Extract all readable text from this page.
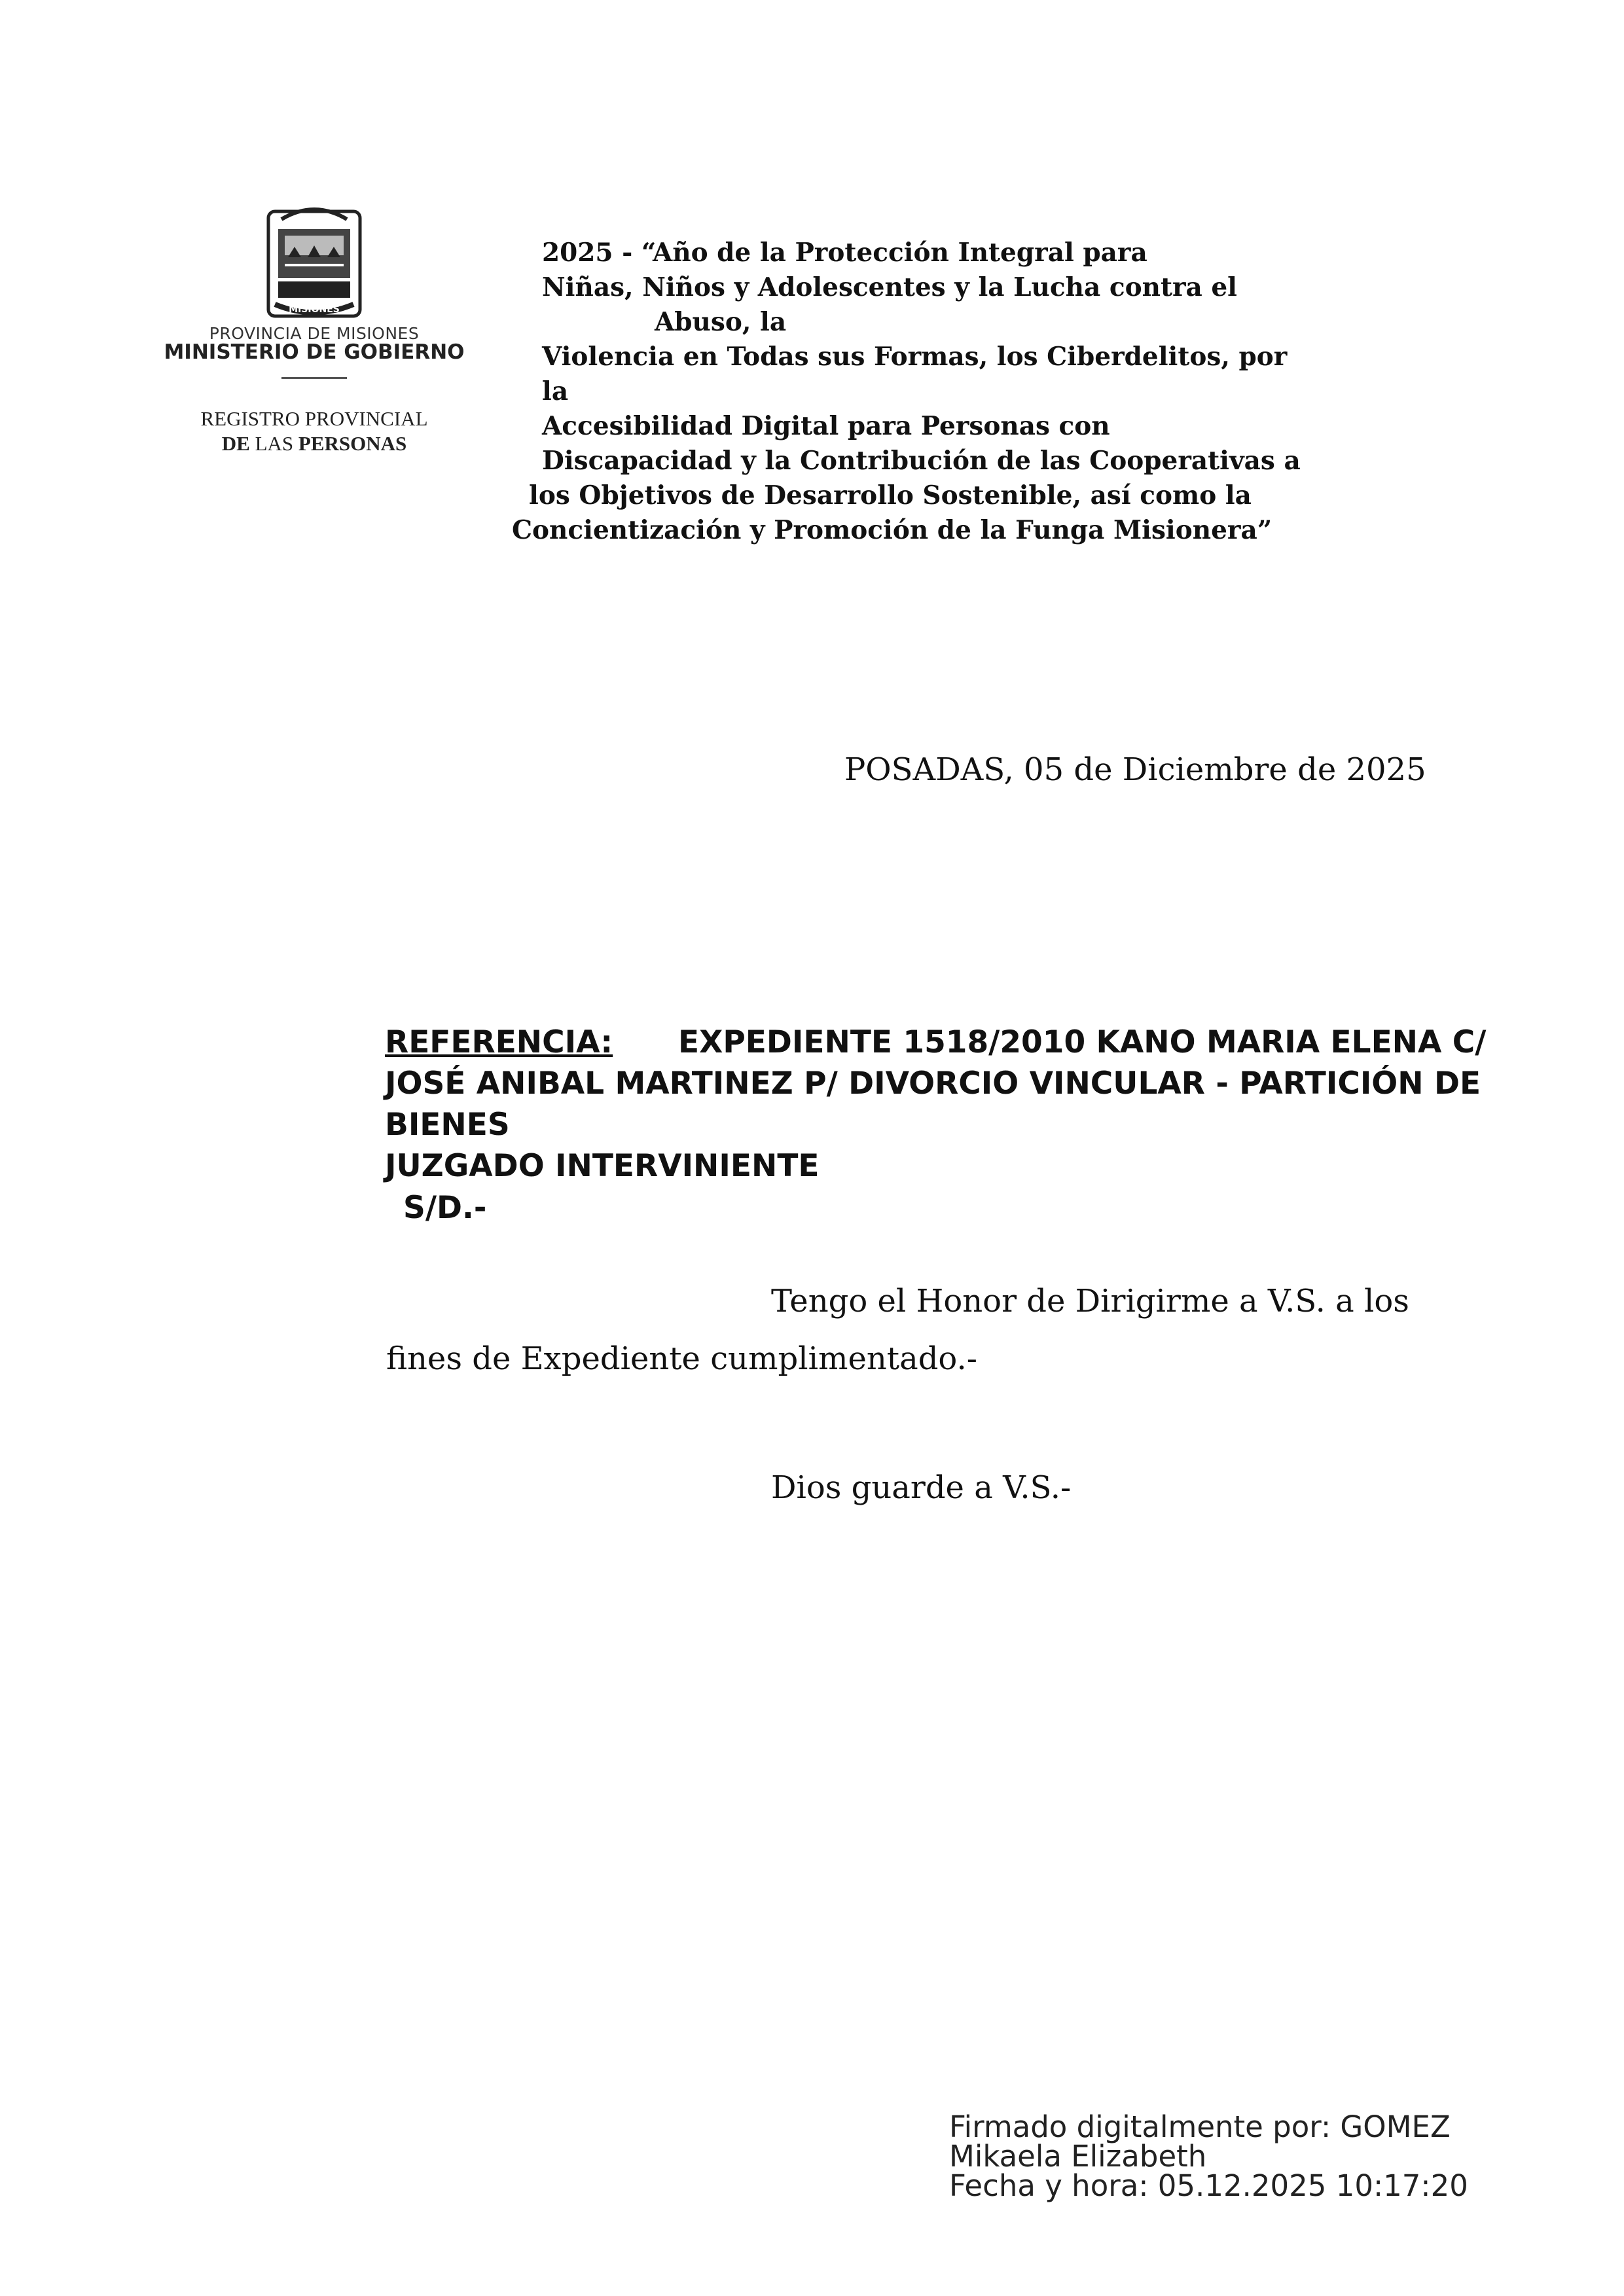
MISIONES
PROVINCIA DE MISIONES
MINISTERIO DE GOBIERNO
REGISTRO PROVINCIAL
DE LAS PERSONAS
2025 - “Año de la Protección Integral para
Niñas, Niños y Adolescentes y la Lucha contra el
Abuso, la
Violencia en Todas sus Formas, los Ciberdelitos, por
la
Accesibilidad Digital para Personas con
Discapacidad y la Contribución de las Cooperativas a
los Objetivos de Desarrollo Sostenible, así como la
Concientización y Promoción de la Funga Misionera”
POSADAS, 05 de Diciembre de 2025
REFERENCIA: EXPEDIENTE 1518/2010 KANO MARIA ELENA C/
JOSÉ ANIBAL MARTINEZ P/ DIVORCIO VINCULAR - PARTICIÓN DE
BIENES
JUZGADO INTERVINIENTE
S/D.-
Tengo el Honor de Dirigirme a V.S. a los
fines de Expediente cumplimentado.-
Dios guarde a V.S.-
Firmado digitalmente por: GOMEZ
Mikaela Elizabeth
Fecha y hora: 05.12.2025 10:17:20
